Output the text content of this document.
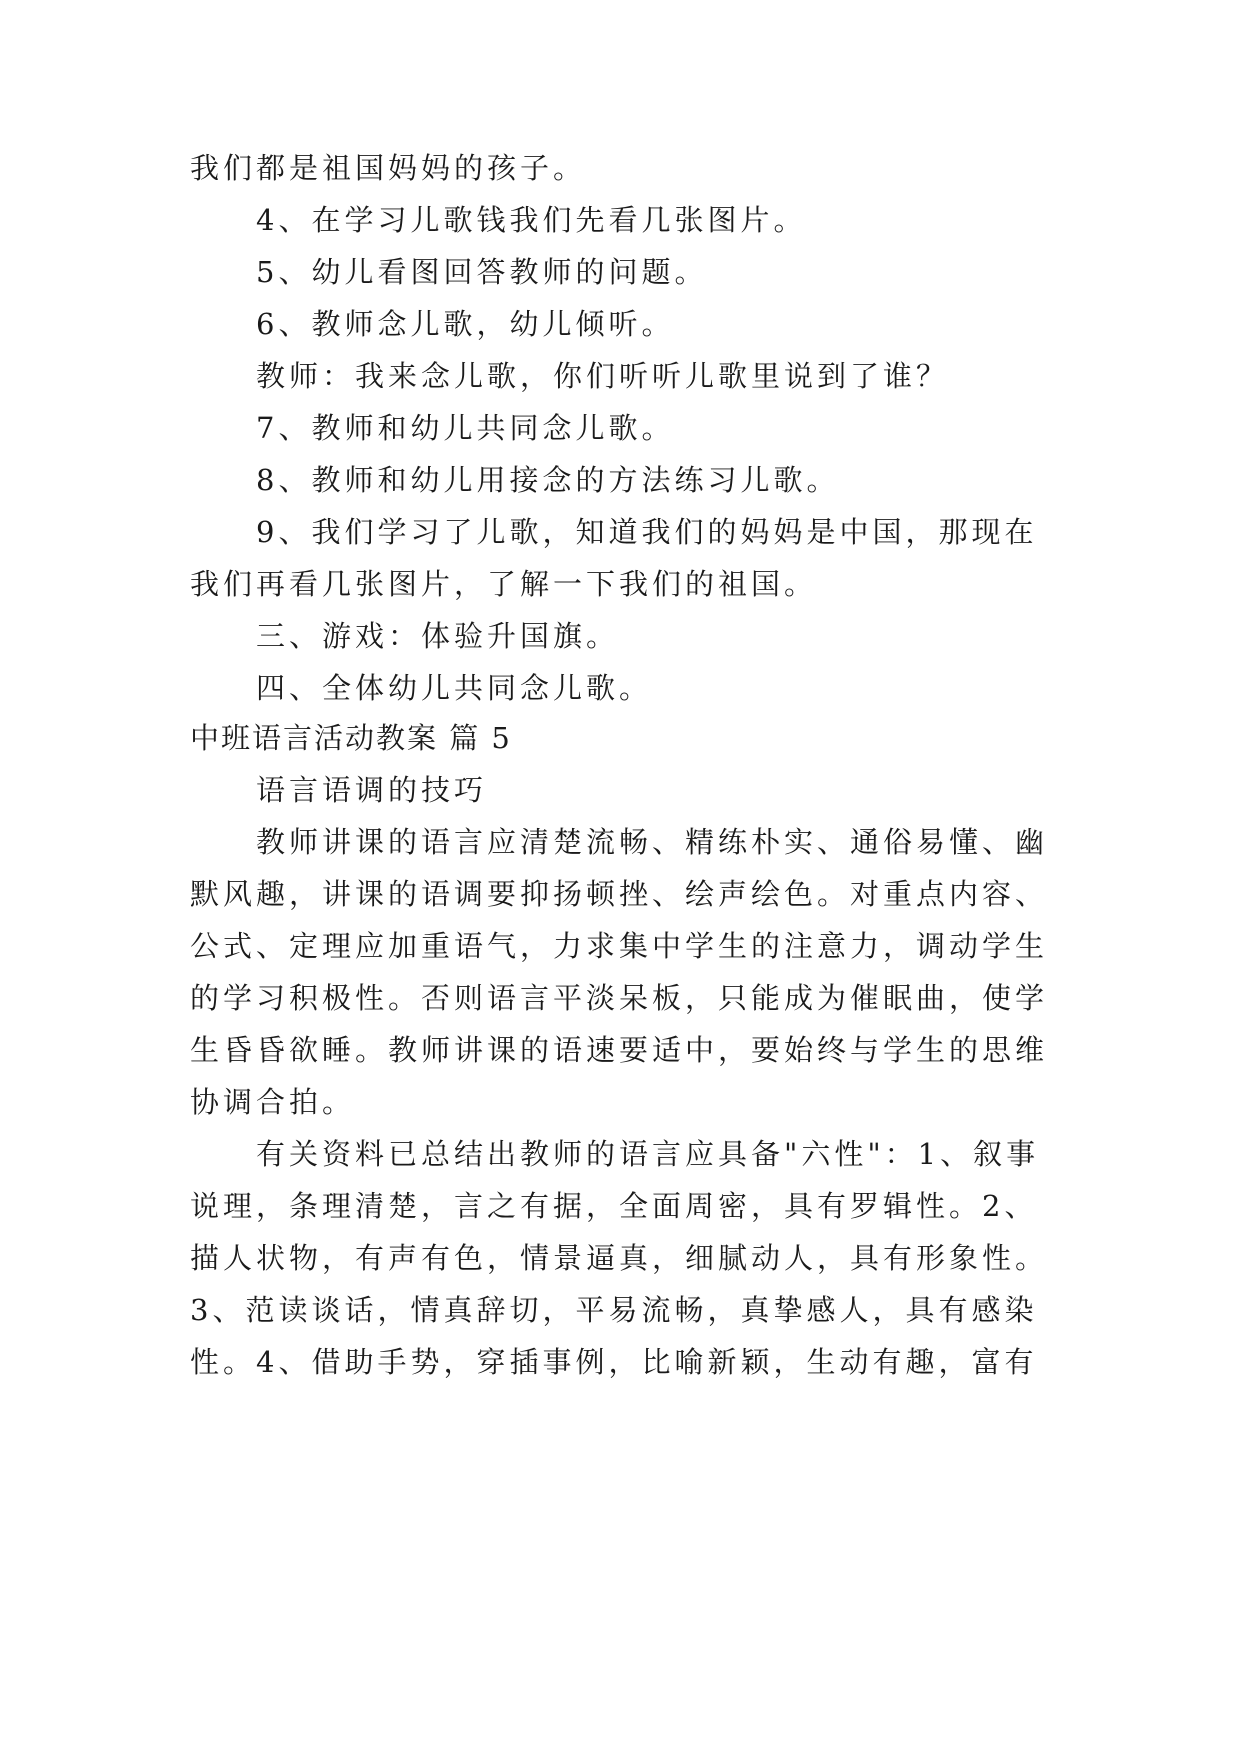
我们都是祖国妈妈的孩子。
4、在学习儿歌钱我们先看几张图片。
5、幼儿看图回答教师的问题。
6、教师念儿歌，幼儿倾听。
教师：我来念儿歌，你们听听儿歌里说到了谁？
7、教师和幼儿共同念儿歌。
8、教师和幼儿用接念的方法练习儿歌。
9、我们学习了儿歌，知道我们的妈妈是中国，那现在
我们再看几张图片，了解一下我们的祖国。
三、游戏：体验升国旗。
四、全体幼儿共同念儿歌。
中班语言活动教案 篇 5
语言语调的技巧
教师讲课的语言应清楚流畅、精练朴实、通俗易懂、幽
默风趣，讲课的语调要抑扬顿挫、绘声绘色。对重点内容、
公式、定理应加重语气，力求集中学生的注意力，调动学生
的学习积极性。否则语言平淡呆板，只能成为催眠曲，使学
生昏昏欲睡。教师讲课的语速要适中，要始终与学生的思维
协调合拍。
有关资料已总结出教师的语言应具备"六性"：1、叙事
说理，条理清楚，言之有据，全面周密，具有罗辑性。2、
描人状物，有声有色，情景逼真，细腻动人，具有形象性。
3、范读谈话，情真辞切，平易流畅，真挚感人，具有感染
性。4、借助手势，穿插事例，比喻新颖，生动有趣，富有
